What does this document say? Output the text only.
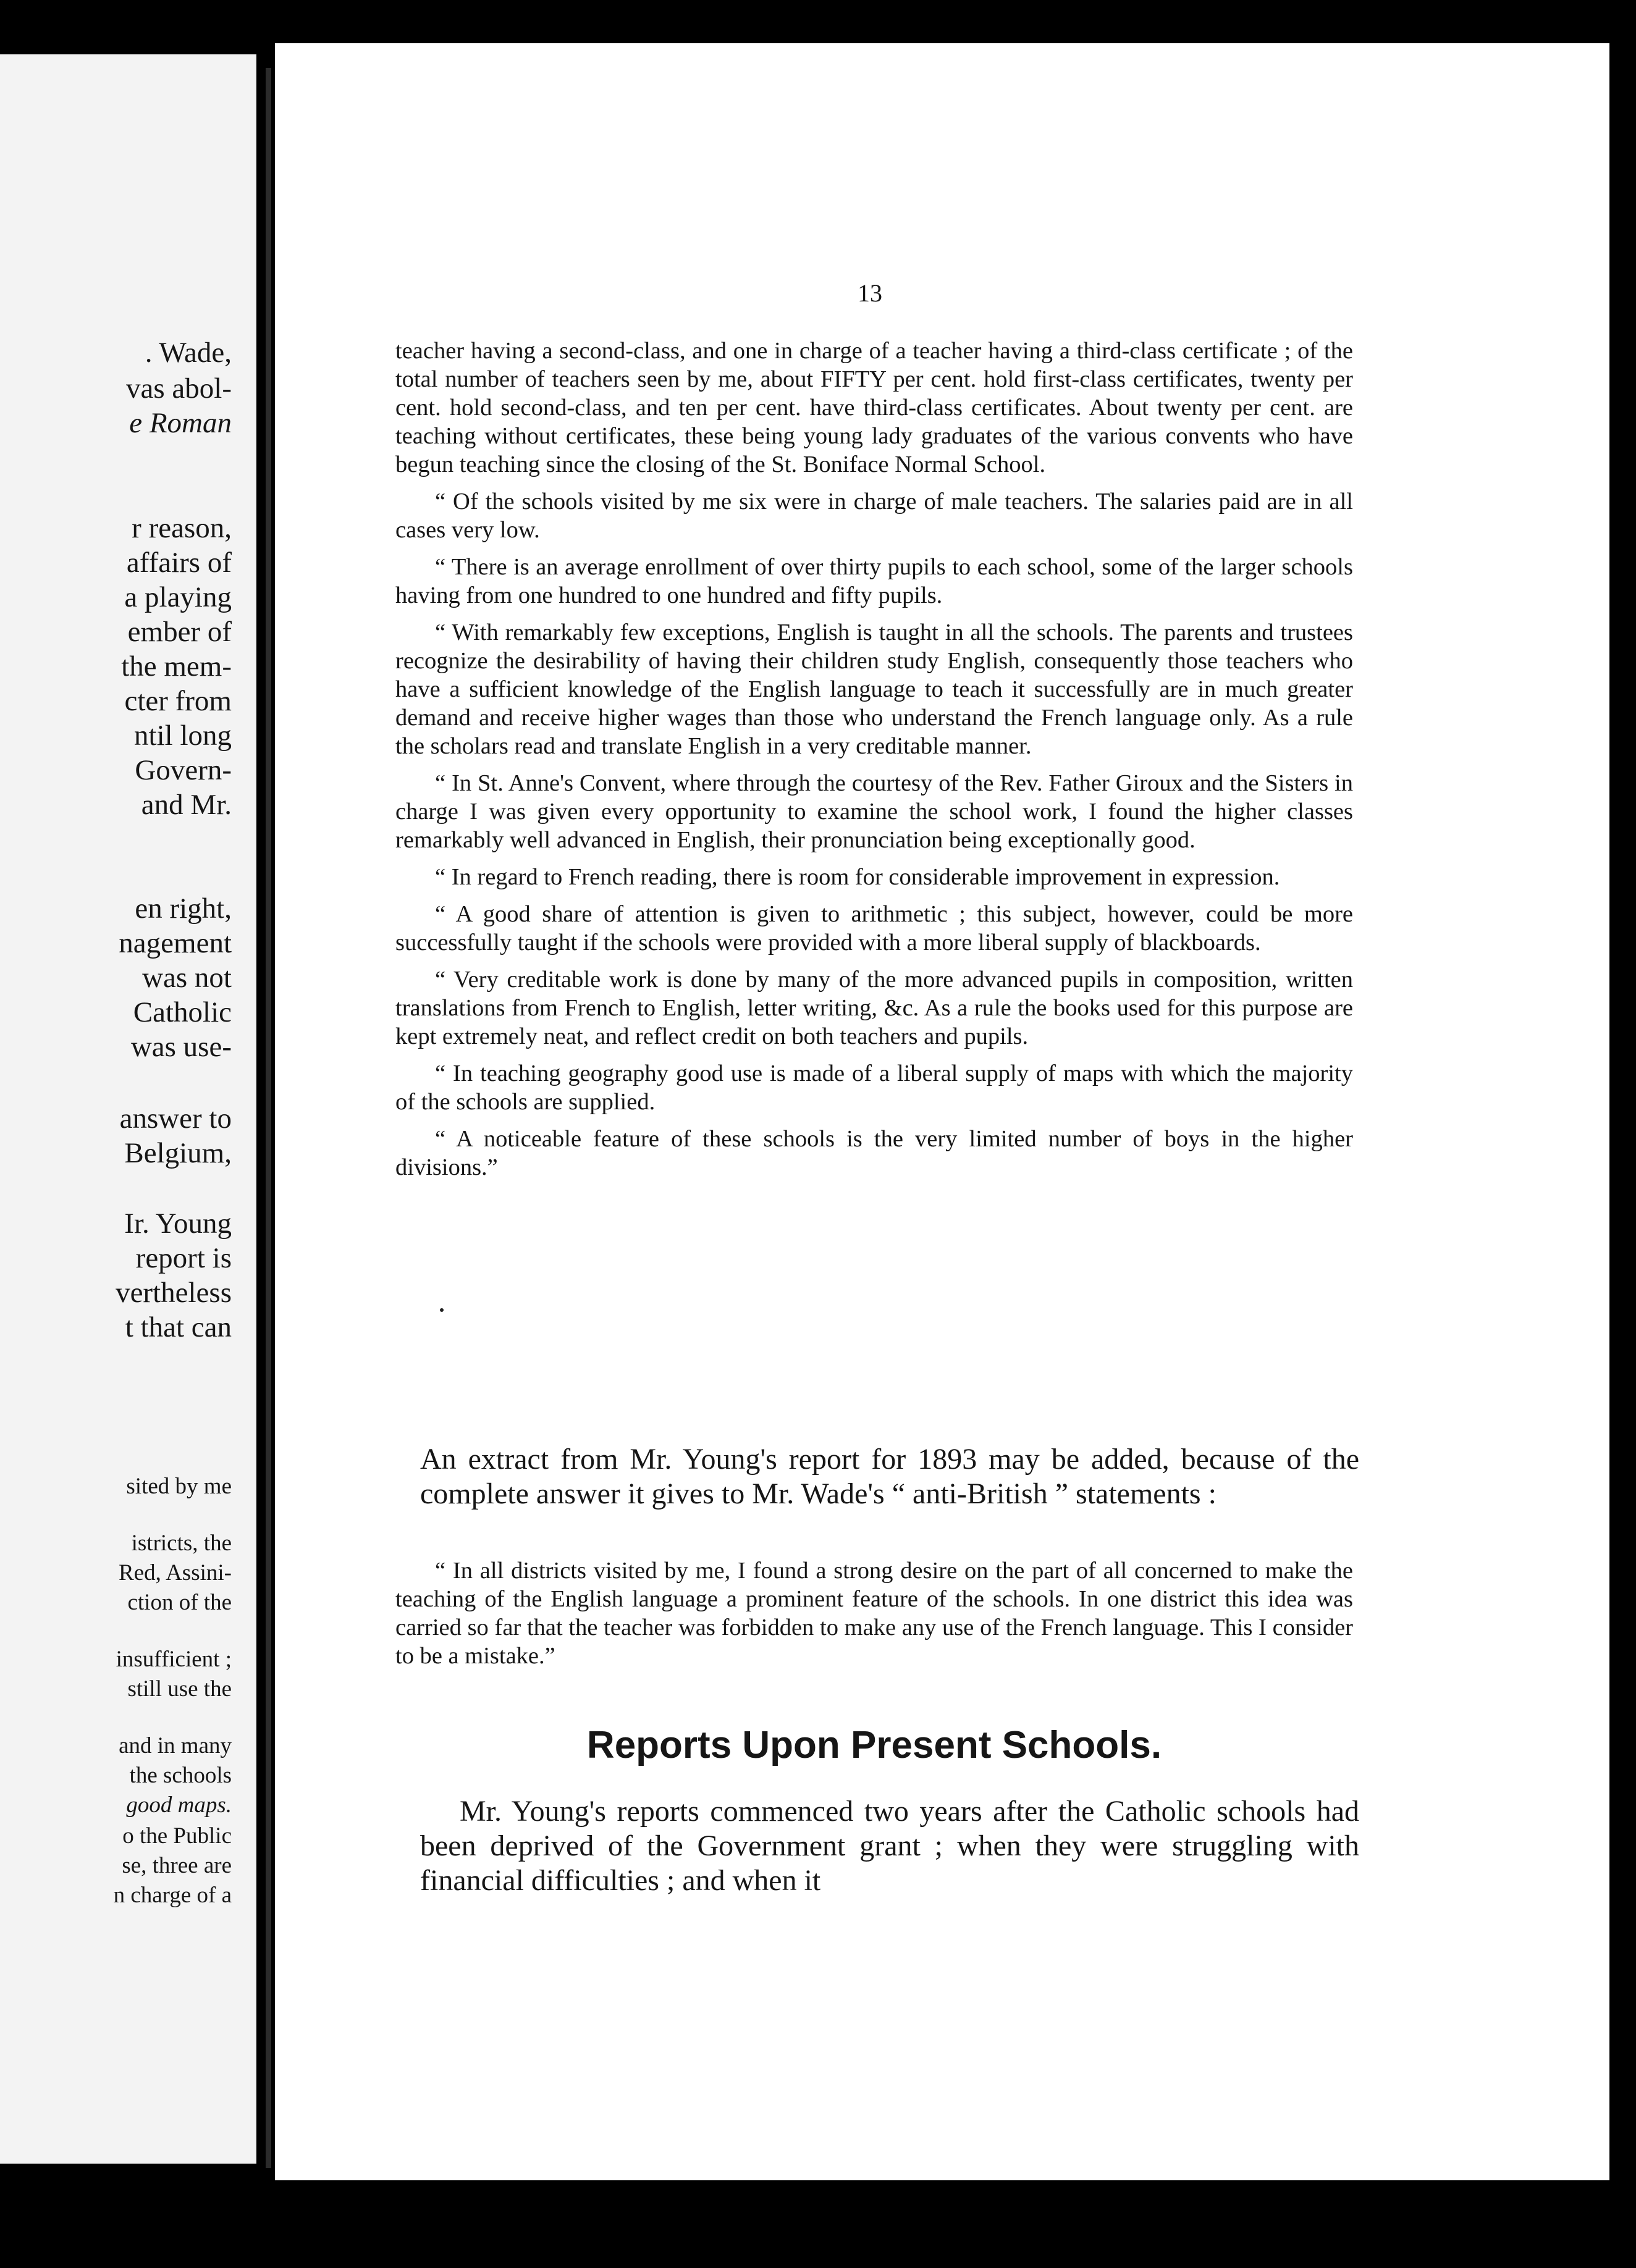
. Wade,
vas abol-
e Roman
r reason,
affairs of
a playing
ember of
the mem-
cter from
ntil long
Govern-
and Mr.
en right,
nagement
was not
Catholic
was use-
answer to
Belgium,
Ir. Young
report is
vertheless
t that can
sited by me
istricts, the
Red, Assini-
ction of the
insufficient ;
still use the
and in many
the schools
good maps.
o the Public
se, three are
n charge of a
13

teacher having a second-class, and one in charge of a teacher having a third-class certificate ; of the total number of teachers seen by me, about FIFTY per cent. hold first-class certificates, twenty per cent. hold second-class, and ten per cent. have third-class certificates. About twenty per cent. are teaching without certificates, these being young lady graduates of the various convents who have begun teaching since the closing of the St. Boniface Normal School.

“ Of the schools visited by me six were in charge of male teachers. The salaries paid are in all cases very low.

“ There is an average enrollment of over thirty pupils to each school, some of the larger schools having from one hundred to one hundred and fifty pupils.

“ With remarkably few exceptions, English is taught in all the schools. The parents and trustees recognize the desirability of having their children study English, consequently those teachers who have a sufficient knowledge of the English language to teach it successfully are in much greater demand and receive higher wages than those who understand the French language only. As a rule the scholars read and translate English in a very creditable manner.

“ In St. Anne's Convent, where through the courtesy of the Rev. Father Giroux and the Sisters in charge I was given every opportunity to examine the school work, I found the higher classes remarkably well advanced in English, their pronunciation being exceptionally good.

“ In regard to French reading, there is room for considerable improvement in expression.

“ A good share of attention is given to arithmetic ; this subject, however, could be more successfully taught if the schools were provided with a more liberal supply of blackboards.

“ Very creditable work is done by many of the more advanced pupils in composition, written translations from French to English, letter writing, &c. As a rule the books used for this purpose are kept extremely neat, and reflect credit on both teachers and pupils.

“ In teaching geography good use is made of a liberal supply of maps with which the majority of the schools are supplied.

“ A noticeable feature of these schools is the very limited number of boys in the higher divisions.”

An extract from Mr. Young's report for 1893 may be added, because of the complete answer it gives to Mr. Wade's “ anti-British ” statements :

“ In all districts visited by me, I found a strong desire on the part of all concerned to make the teaching of the English language a prominent feature of the schools. In one district this idea was carried so far that the teacher was forbidden to make any use of the French language. This I consider to be a mistake.”

Reports Upon Present Schools.
Mr. Young's reports commenced two years after the Catholic schools had been deprived of the Government grant ; when they were struggling with financial difficulties ; and when it
